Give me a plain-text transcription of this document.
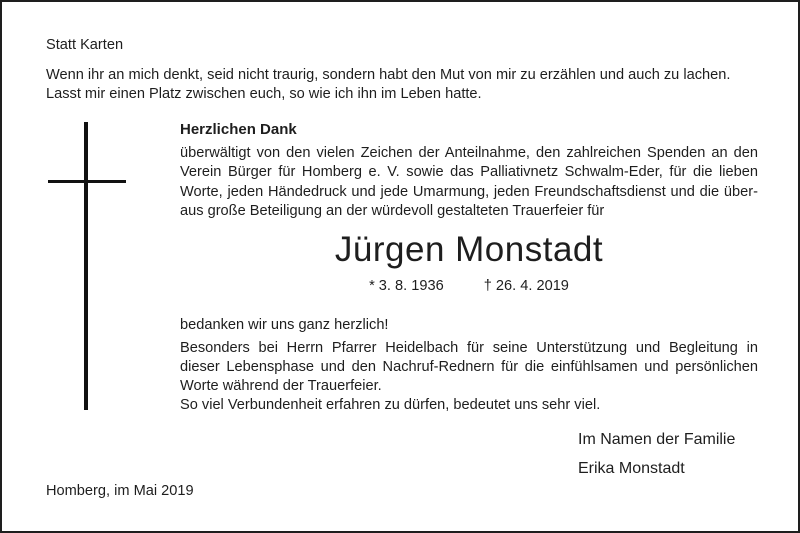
Statt Karten
Wenn ihr an mich denkt, seid nicht traurig, sondern habt den Mut von mir zu erzählen und auch zu lachen.
Lasst mir einen Platz zwischen euch, so wie ich ihn im Leben hatte.
Herzlichen Dank
überwältigt von den vielen Zeichen der Anteilnahme, den zahlreichen Spenden an den
Verein Bürger für Homberg e. V. sowie das Palliativnetz Schwalm-Eder, für die lieben
Worte, jeden Händedruck und jede Umarmung, jeden Freundschaftsdienst und die über-
aus große Beteiligung an der würdevoll gestalteten Trauerfeier für
Jürgen Monstadt
* 3. 8. 1936	† 26. 4. 2019
bedanken wir uns ganz herzlich!
Besonders bei Herrn Pfarrer Heidelbach für seine Unterstützung und Begleitung in
dieser Lebensphase und den Nachruf-Rednern für die einfühlsamen und persönlichen
Worte während der Trauerfeier.
So viel Verbundenheit erfahren zu dürfen, bedeutet uns sehr viel.
Im Namen der Familie
Erika Monstadt
Homberg, im Mai 2019
